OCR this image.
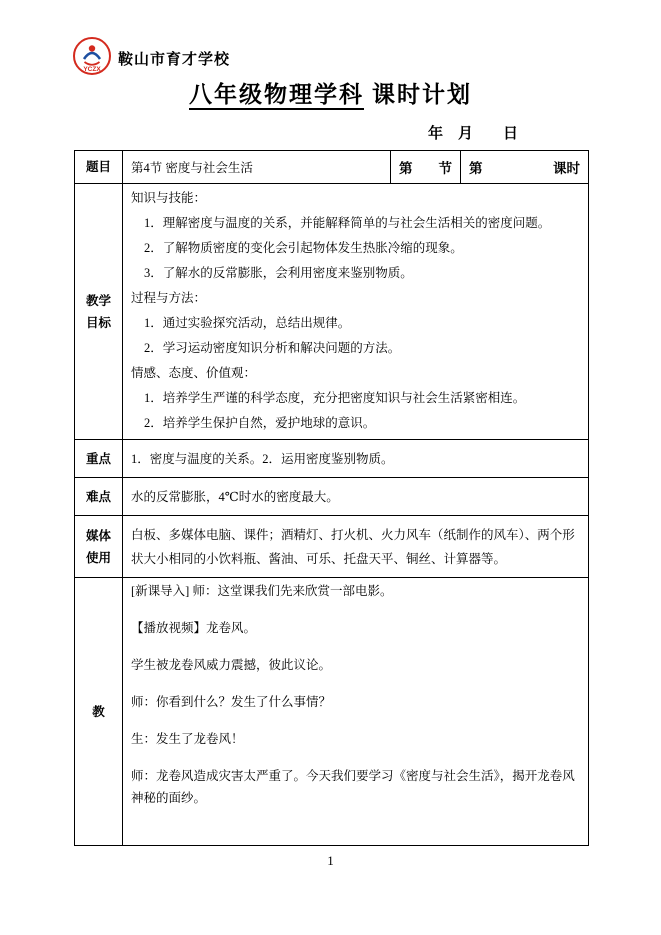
YCZX
鞍山市育才学校
八年级物理学科 课时计划
年　月　　日
题目	第4节 密度与社会生活	第 节	第 课时

教学
目标

知识与技能：
1．理解密度与温度的关系，并能解释简单的与社会生活相关的密度问题。
2．了解物质密度的变化会引起物体发生热胀冷缩的现象。
3．了解水的反常膨胀，会利用密度来鉴别物质。
过程与方法：
1．通过实验探究活动，总结出规律。
2．学习运动密度知识分析和解决问题的方法。
情感、态度、价值观：
1．培养学生严谨的科学态度，充分把密度知识与社会生活紧密相连。
2．培养学生保护自然，爱护地球的意识。

重点	1．密度与温度的关系。2．运用密度鉴别物质。		
难点	水的反常膨胀，4℃时水的密度最大。		

媒体
使用	白板、多媒体电脑、课件；酒精灯、打火机、火力风车（纸制作的风车）、两个形状大小相同的小饮料瓶、酱油、可乐、托盘天平、铜丝、计算器等。		
教	
[新课导入] 师：这堂课我们先来欣赏一部电影。
【播放视频】龙卷风。
学生被龙卷风威力震撼，彼此议论。
师：你看到什么？发生了什么事情？
生：发生了龙卷风！
师：龙卷风造成灾害太严重了。今天我们要学习《密度与社会生活》，揭开龙卷风神秘的面纱。
1
